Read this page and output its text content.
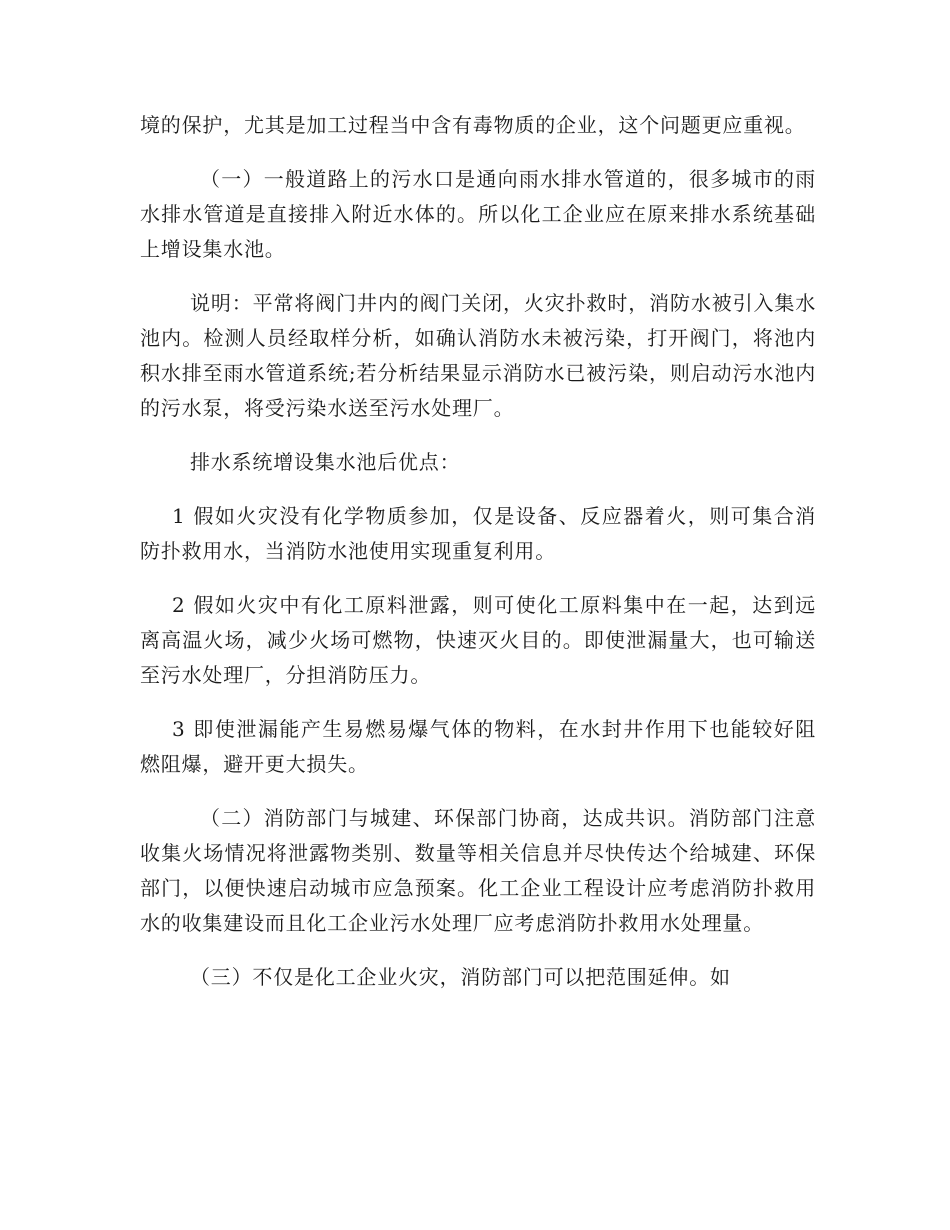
境的保护，尤其是加工过程当中含有毒物质的企业，这个问题更应重视。

（一）一般道路上的污水口是通向雨水排水管道的，很多城市的雨水排水管道是直接排入附近水体的。所以化工企业应在原来排水系统基础上增设集水池。

说明：平常将阀门井内的阀门关闭，火灾扑救时，消防水被引入集水池内。检测人员经取样分析，如确认消防水未被污染，打开阀门，将池内积水排至雨水管道系统;若分析结果显示消防水已被污染，则启动污水池内的污水泵，将受污染水送至污水处理厂。

排水系统增设集水池后优点：

1 假如火灾没有化学物质参加，仅是设备、反应器着火，则可集合消防扑救用水，当消防水池使用实现重复利用。

2 假如火灾中有化工原料泄露，则可使化工原料集中在一起，达到远离高温火场，减少火场可燃物，快速灭火目的。即使泄漏量大，也可输送至污水处理厂，分担消防压力。

3 即使泄漏能产生易燃易爆气体的物料，在水封井作用下也能较好阻燃阻爆，避开更大损失。

（二）消防部门与城建、环保部门协商，达成共识。消防部门注意收集火场情况将泄露物类别、数量等相关信息并尽快传达个给城建、环保部门，以便快速启动城市应急预案。化工企业工程设计应考虑消防扑救用水的收集建设而且化工企业污水处理厂应考虑消防扑救用水处理量。

（三）不仅是化工企业火灾，消防部门可以把范围延伸。如
